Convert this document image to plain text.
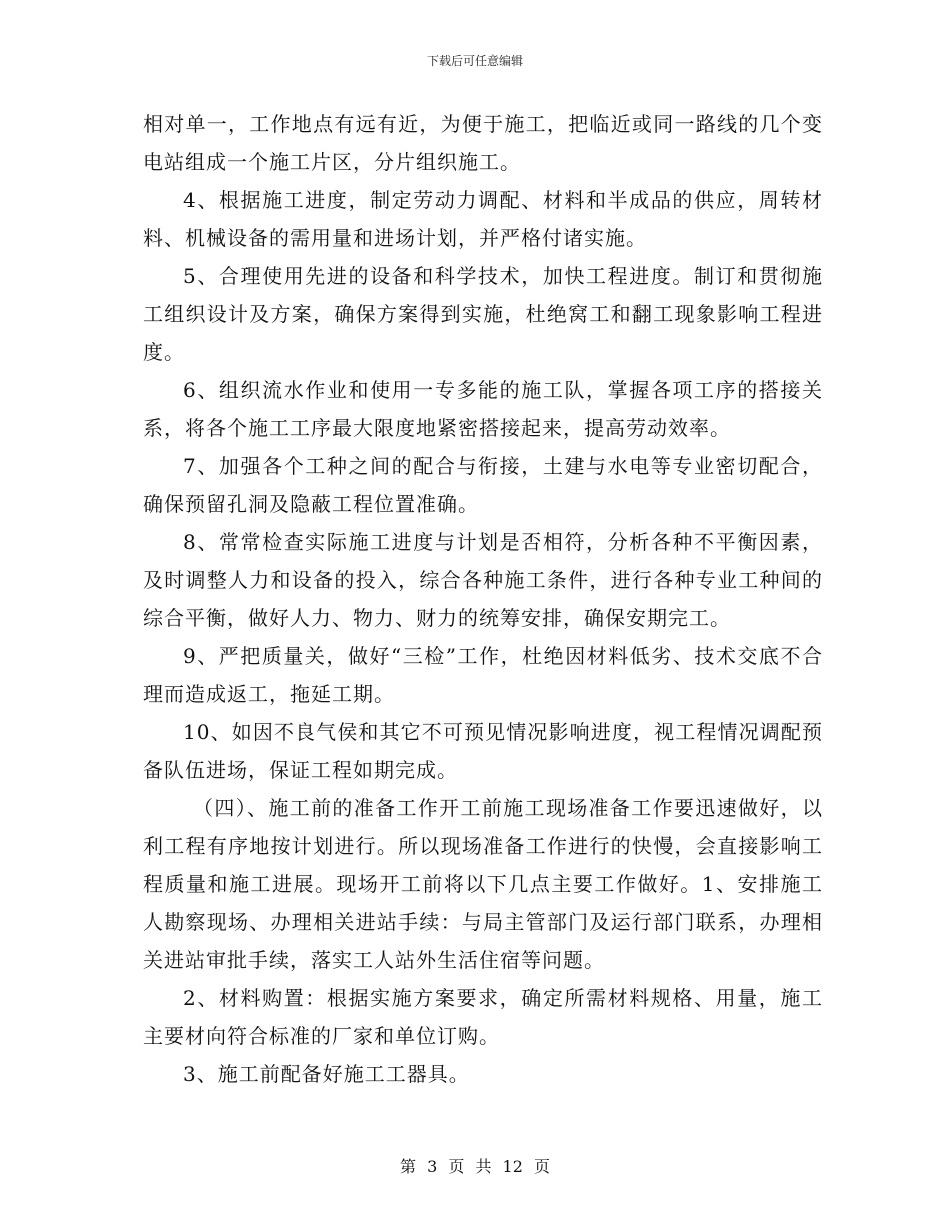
下载后可任意编辑

相对单一，工作地点有远有近，为便于施工，把临近或同一路线的几个变电站组成一个施工片区，分片组织施工。

4、根据施工进度，制定劳动力调配、材料和半成品的供应，周转材料、机械设备的需用量和进场计划，并严格付诸实施。

5、合理使用先进的设备和科学技术，加快工程进度。制订和贯彻施工组织设计及方案，确保方案得到实施，杜绝窝工和翻工现象影响工程进度。

6、组织流水作业和使用一专多能的施工队，掌握各项工序的搭接关系，将各个施工工序最大限度地紧密搭接起来，提高劳动效率。

7、加强各个工种之间的配合与衔接，土建与水电等专业密切配合，确保预留孔洞及隐蔽工程位置准确。

8、常常检查实际施工进度与计划是否相符，分析各种不平衡因素，及时调整人力和设备的投入，综合各种施工条件，进行各种专业工种间的综合平衡，做好人力、物力、财力的统筹安排，确保安期完工。

9、严把质量关，做好“三检”工作，杜绝因材料低劣、技术交底不合理而造成返工，拖延工期。

10、如因不良气侯和其它不可预见情况影响进度，视工程情况调配预备队伍进场，保证工程如期完成。

（四）、施工前的准备工作开工前施工现场准备工作要迅速做好，以利工程有序地按计划进行。所以现场准备工作进行的快慢，会直接影响工程质量和施工进展。现场开工前将以下几点主要工作做好。1、安排施工人勘察现场、办理相关进站手续：与局主管部门及运行部门联系，办理相关进站审批手续，落实工人站外生活住宿等问题。

2、材料购置：根据实施方案要求，确定所需材料规格、用量，施工主要材向符合标准的厂家和单位订购。

3、施工前配备好施工工器具。

第 3 页 共 12 页
